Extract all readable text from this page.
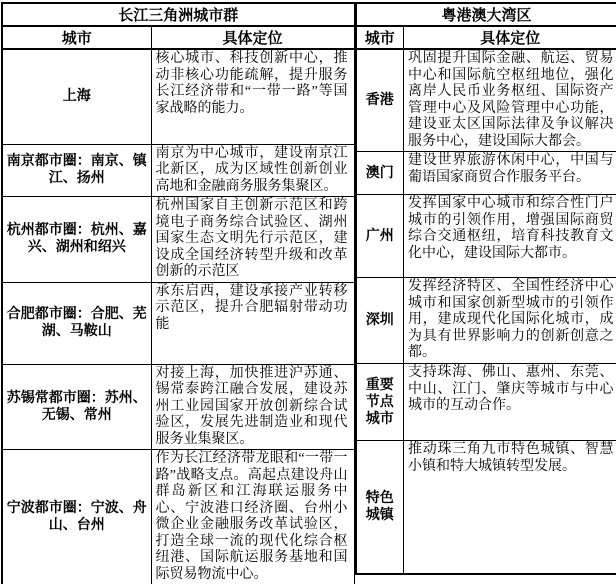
长江三角洲城市群	
城市	具体定位
上海	核心城市、科技创新中心，推动非核心功能疏解，提升服务长江经济带和“一带一路”等国家战略的能力。
南京都市圈：南京、镇江、扬州	南京为中心城市，建设南京江北新区，成为区域性创新创业高地和金融商务服务集聚区。
杭州都市圈：杭州、嘉兴、湖州和绍兴	杭州国家自主创新示范区和跨境电子商务综合试验区、湖州国家生态文明先行示范区，建设成全国经济转型升级和改革创新的示范区
合肥都市圈：合肥、芜湖、马鞍山	承东启西，建设承接产业转移示范区，提升合肥辐射带动功能
苏锡常都市圈：苏州、无锡、常州	对接上海，加快推进沪苏通、锡常泰跨江融合发展，建设苏州工业园国家开放创新综合试验区，发展先进制造业和现代服务业集聚区。
宁波都市圈：宁波、舟山、台州	作为长江经济带龙眼和“一带一路”战略支点。高起点建设舟山群岛新区和江海联运服务中心、宁波港口经济圈、台州小微企业金融服务改革试验区，打造全球一流的现代化综合枢纽港、国际航运服务基地和国际贸易物流中心。
粤港澳大湾区	
城市	具体定位
香港	巩固提升国际金融、航运、贸易中心和国际航空枢纽地位，强化离岸人民币业务枢纽、国际资产管理中心及风险管理中心功能，建设亚太区国际法律及争议解决服务中心，建设国际大都会。
澳门	建设世界旅游休闲中心，中国与葡语国家商贸合作服务平台。
广州	发挥国家中心城市和综合性门户城市的引领作用，增强国际商贸综合交通枢纽，培育科技教育文化中心，建设国际大都市。
深圳	发挥经济特区、全国性经济中心城市和国家创新型城市的引领作用，建成现代化国际化城市，成为具有世界影响力的创新创意之都。
重要节点城市	支持珠海、佛山、惠州、东莞、中山、江门、肇庆等城市与中心城市的互动合作。
特色城镇	推动珠三角九市特色城镇、智慧小镇和特大城镇转型发展。
